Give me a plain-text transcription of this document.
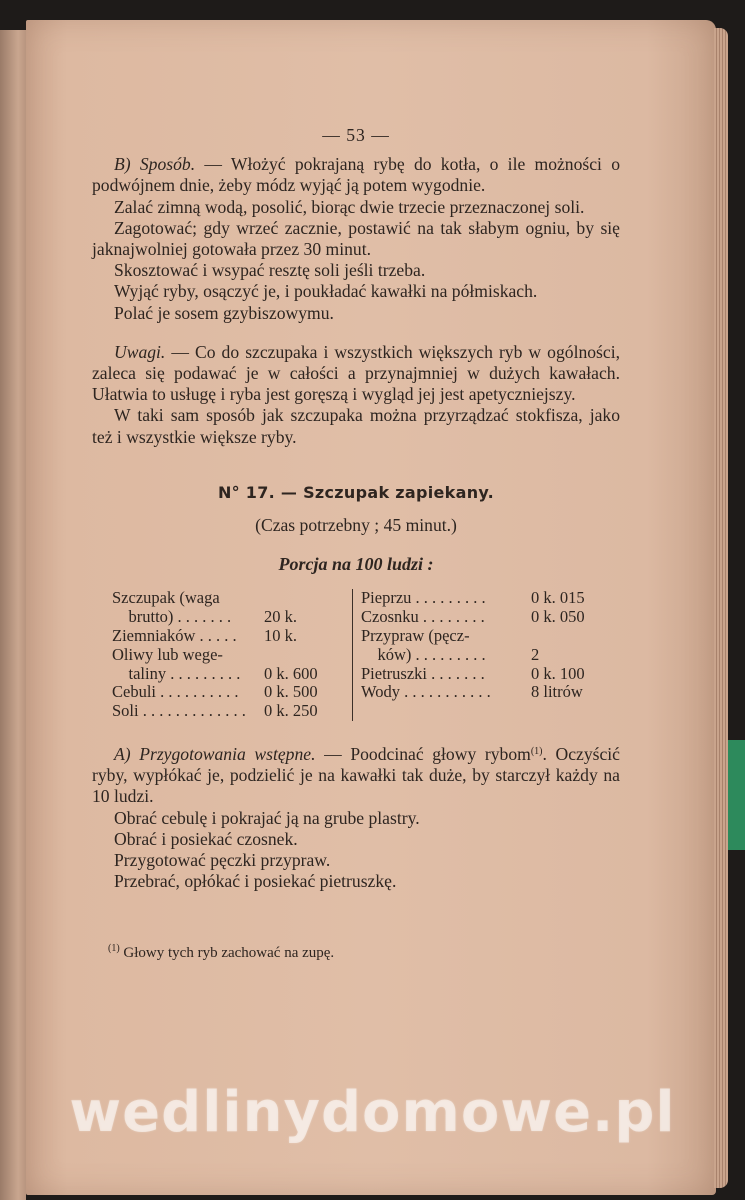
— 53 —

B) Sposób. — Włożyć pokrajaną rybę do kotła, o ile możności o podwójnem dnie, żeby módz wyjąć ją potem wygodnie.

Zalać zimną wodą, posolić, biorąc dwie trzecie przeznaczonej soli.

Zagotować; gdy wrzeć zacznie, postawić na tak słabym ogniu, by się jaknajwolniej gotowała przez 30 minut.

Skosztować i wsypać resztę soli jeśli trzeba.

Wyjąć ryby, osączyć je, i poukładać kawałki na półmiskach.

Polać je sosem gzybiszowymu.

Uwagi. — Co do szczupaka i wszystkich większych ryb w ogólności, zaleca się podawać je w całości a przynajmniej w dużych kawałach. Ułatwia to usługę i ryba jest goręszą i wygląd jej jest apetyczniejszy.

W taki sam sposób jak szczupaka można przyrządzać stokfisza, jako też i wszystkie większe ryby.

N° 17. — Szczupak zapiekany.
(Czas potrzebny ; 45 minut.)
Porcja na 100 ludzi :
Szczupak (waga
brutto) . . . . . . . 20 k.
Ziemniaków . . . . . 10 k.
Oliwy lub wege-
taliny . . . . . . . . . 0 k. 600
Cebuli . . . . . . . . . . 0 k. 500
Soli . . . . . . . . . . . . . 0 k. 250
Pieprzu . . . . . . . . .	0 k. 015
Czosnku . . . . . . . .	0 k. 050
Przypraw (pęcz-
ków) . . . . . . . . .	2
Pietruszki . . . . . . .	0 k. 100
Wody . . . . . . . . . . . 8 litrów

A) Przygotowania wstępne. — Poodcinać głowy rybom$^{(1)}$. Oczyścić ryby, wypłókać je, podzielić je na kawałki tak duże, by starczył każdy na 10 ludzi.

Obrać cebulę i pokrajać ją na grube plastry.

Obrać i posiekać czosnek.

Przygotować pęczki przypraw.

Przebrać, opłókać i posiekać pietruszkę.

$^{(1)}$ Głowy tych ryb zachować na zupę.
wedlinydomowe.pl
